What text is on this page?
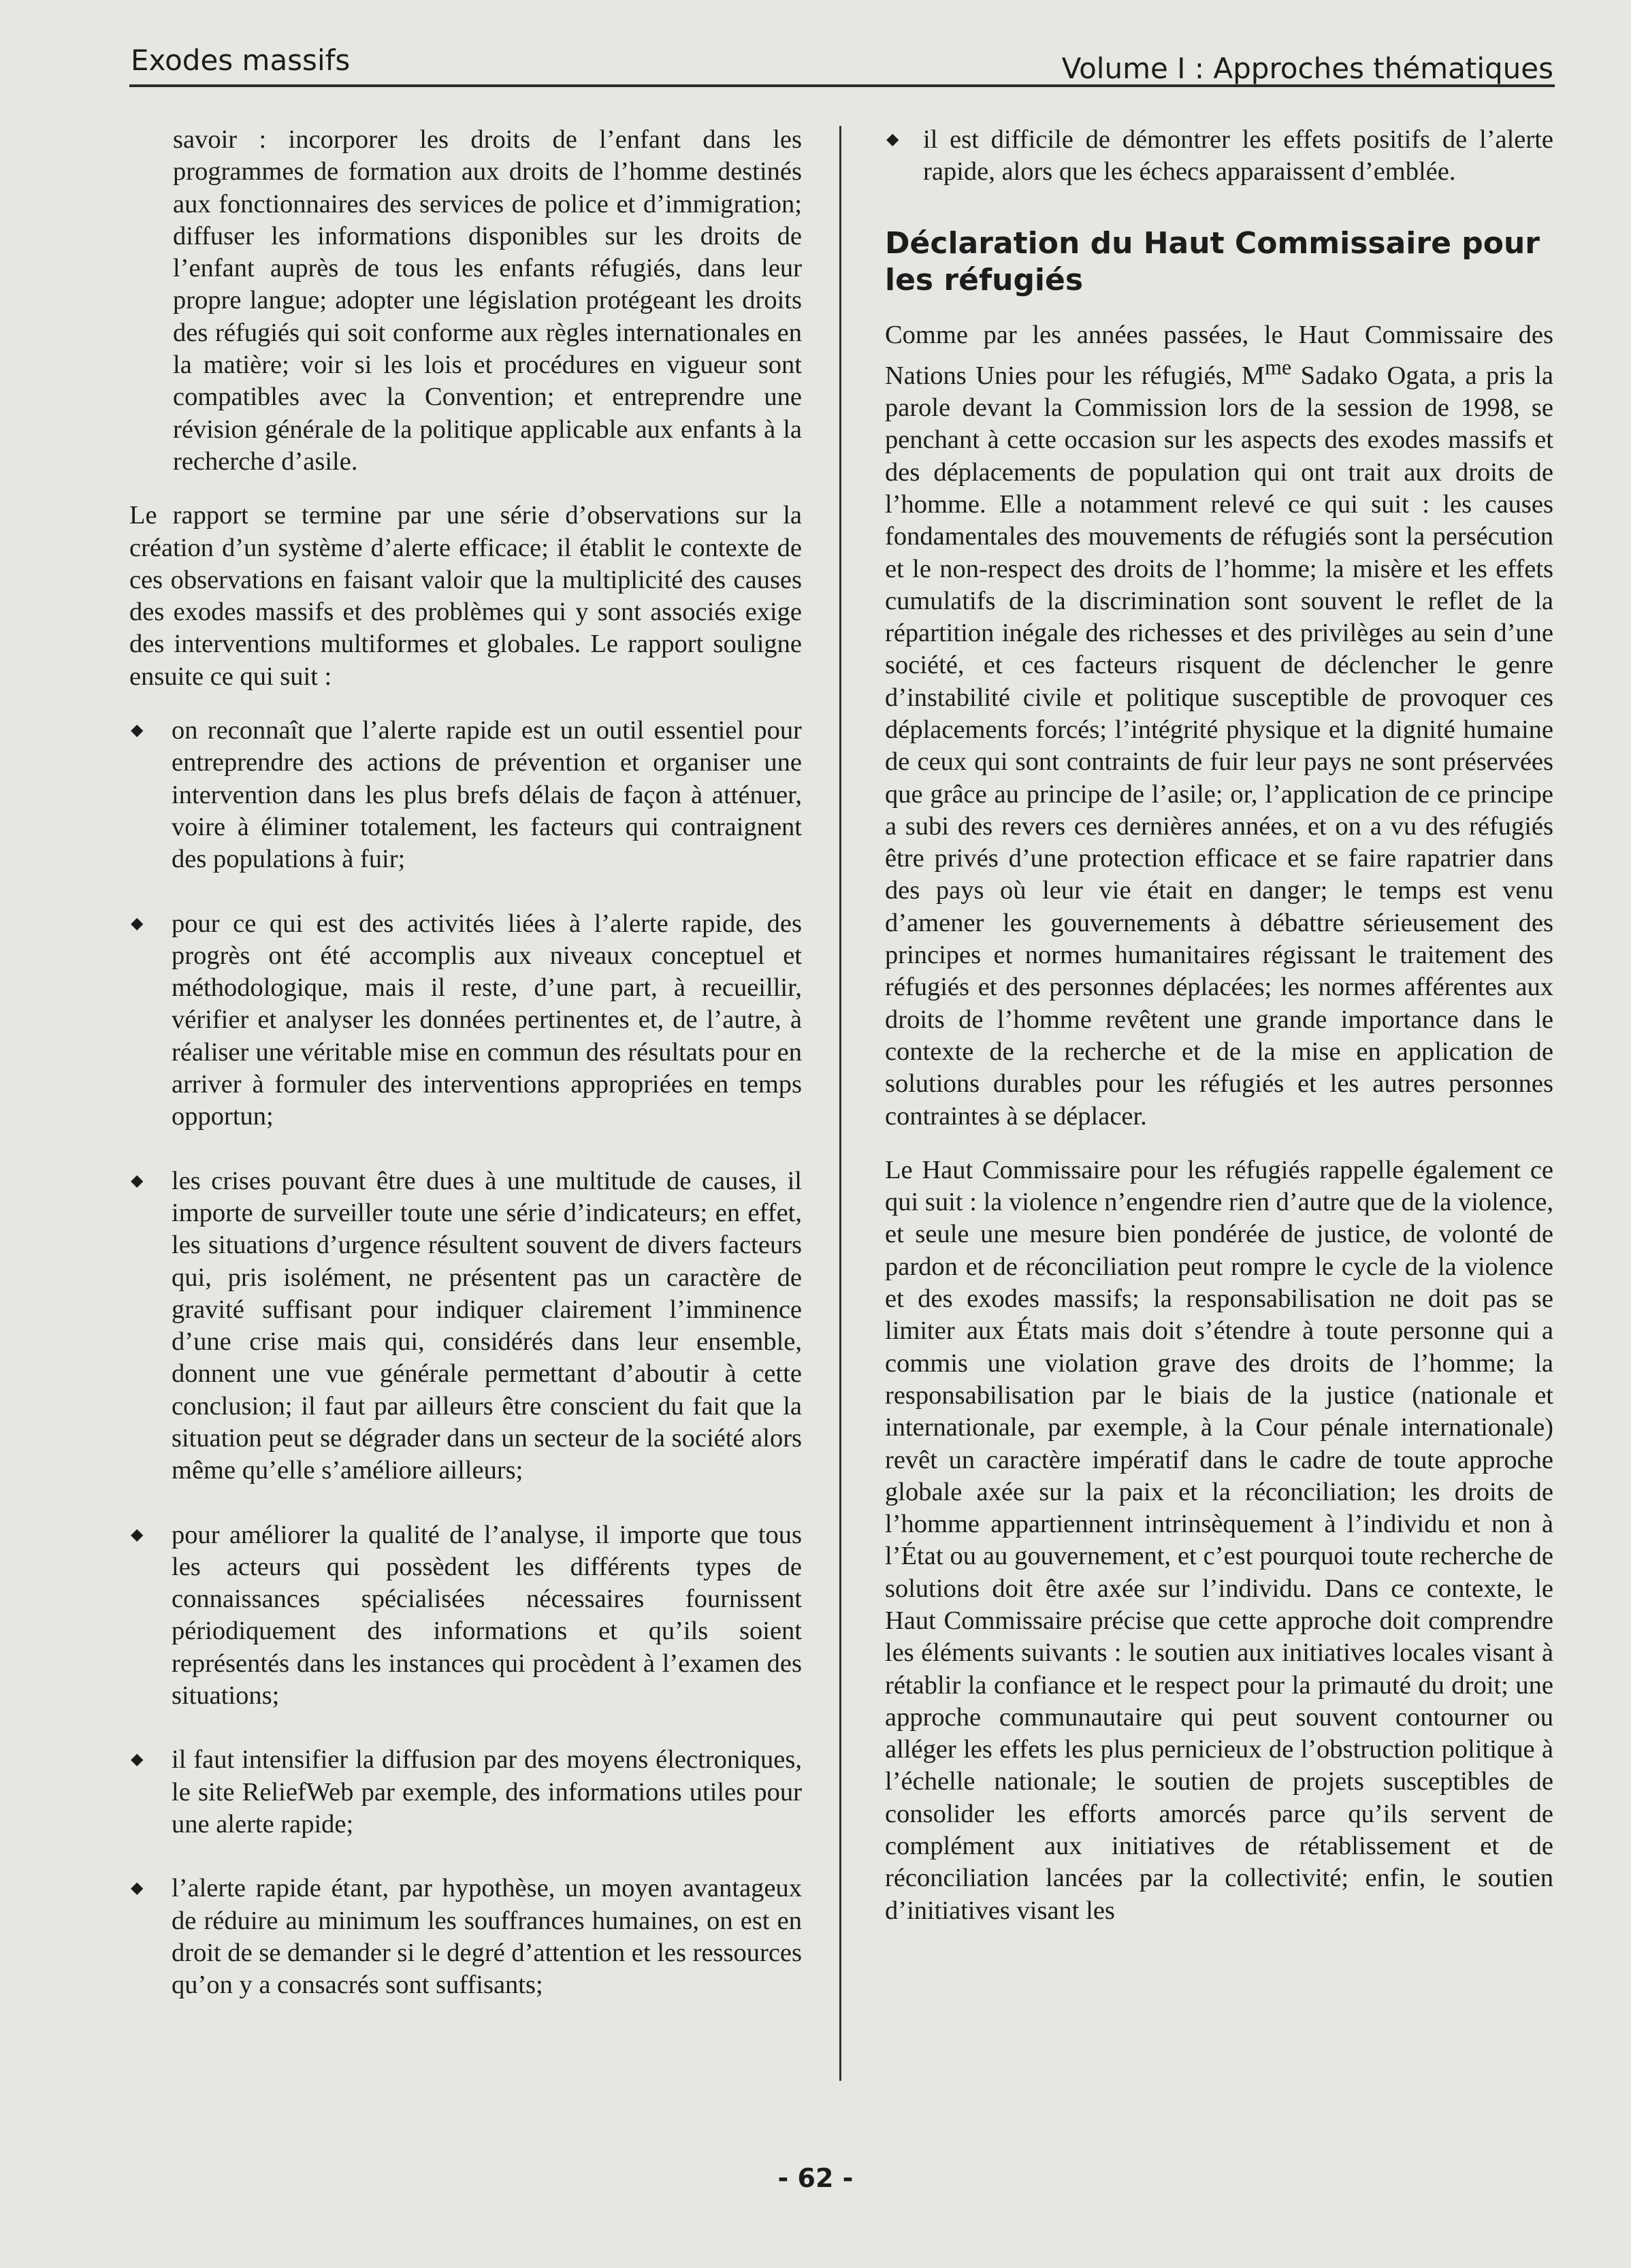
Exodes massifs	Volume I : Approches thématiques

savoir : incorporer les droits de l’enfant dans les programmes de formation aux droits de l’homme destinés aux fonctionnaires des services de police et d’immigration; diffuser les informations disponibles sur les droits de l’enfant auprès de tous les enfants réfugiés, dans leur propre langue; adopter une législation protégeant les droits des réfugiés qui soit conforme aux règles internationales en la matière; voir si les lois et procédures en vigueur sont compatibles avec la Convention; et entreprendre une révision générale de la politique applicable aux enfants à la recherche d’asile.

Le rapport se termine par une série d’observations sur la création d’un système d’alerte efficace; il établit le contexte de ces observations en faisant valoir que la multiplicité des causes des exodes massifs et des problèmes qui y sont associés exige des interventions multiformes et globales. Le rapport souligne ensuite ce qui suit :

◆ on reconnaît que l’alerte rapide est un outil essentiel pour entreprendre des actions de prévention et organiser une intervention dans les plus brefs délais de façon à atténuer, voire à éliminer totalement, les facteurs qui contraignent des populations à fuir;
◆ pour ce qui est des activités liées à l’alerte rapide, des progrès ont été accomplis aux niveaux conceptuel et méthodologique, mais il reste, d’une part, à recueillir, vérifier et analyser les données pertinentes et, de l’autre, à réaliser une véritable mise en commun des résultats pour en arriver à formuler des interventions appropriées en temps opportun;
◆ les crises pouvant être dues à une multitude de causes, il importe de surveiller toute une série d’indicateurs; en effet, les situations d’urgence résultent souvent de divers facteurs qui, pris isolément, ne présentent pas un caractère de gravité suffisant pour indiquer clairement l’imminence d’une crise mais qui, considérés dans leur ensemble, donnent une vue générale permettant d’aboutir à cette conclusion; il faut par ailleurs être conscient du fait que la situation peut se dégrader dans un secteur de la société alors même qu’elle s’améliore ailleurs;
◆ pour améliorer la qualité de l’analyse, il importe que tous les acteurs qui possèdent les différents types de connaissances spécialisées nécessaires fournissent périodiquement des informations et qu’ils soient représentés dans les instances qui procèdent à l’examen des situations;
◆ il faut intensifier la diffusion par des moyens électroniques, le site ReliefWeb par exemple, des informations utiles pour une alerte rapide;
◆ l’alerte rapide étant, par hypothèse, un moyen avantageux de réduire au minimum les souffrances humaines, on est en droit de se demander si le degré d’attention et les ressources qu’on y a consacrés sont suffisants;
◆ il est difficile de démontrer les effets positifs de l’alerte rapide, alors que les échecs apparaissent d’emblée.
Déclaration du Haut Commissaire pour les réfugiés

Comme par les années passées, le Haut Commissaire des Nations Unies pour les réfugiés, $M^{me}$ Sadako Ogata, a pris la parole devant la Commission lors de la session de 1998, se penchant à cette occasion sur les aspects des exodes massifs et des déplacements de population qui ont trait aux droits de l’homme. Elle a notamment relevé ce qui suit : les causes fondamentales des mouvements de réfugiés sont la persécution et le non-respect des droits de l’homme; la misère et les effets cumulatifs de la discrimination sont souvent le reflet de la répartition inégale des richesses et des privilèges au sein d’une société, et ces facteurs risquent de déclencher le genre d’instabilité civile et politique susceptible de provoquer ces déplacements forcés; l’intégrité physique et la dignité humaine de ceux qui sont contraints de fuir leur pays ne sont préservées que grâce au principe de l’asile; or, l’application de ce principe a subi des revers ces dernières années, et on a vu des réfugiés être privés d’une protection efficace et se faire rapatrier dans des pays où leur vie était en danger; le temps est venu d’amener les gouvernements à débattre sérieusement des principes et normes humanitaires régissant le traitement des réfugiés et des personnes déplacées; les normes afférentes aux droits de l’homme revêtent une grande importance dans le contexte de la recherche et de la mise en application de solutions durables pour les réfugiés et les autres personnes contraintes à se déplacer.

Le Haut Commissaire pour les réfugiés rappelle également ce qui suit : la violence n’engendre rien d’autre que de la violence, et seule une mesure bien pondérée de justice, de volonté de pardon et de réconciliation peut rompre le cycle de la violence et des exodes massifs; la responsabilisation ne doit pas se limiter aux États mais doit s’étendre à toute personne qui a commis une violation grave des droits de l’homme; la responsabilisation par le biais de la justice (nationale et internationale, par exemple, à la Cour pénale internationale) revêt un caractère impératif dans le cadre de toute approche globale axée sur la paix et la réconciliation; les droits de l’homme appartiennent intrinsèquement à l’individu et non à l’État ou au gouvernement, et c’est pourquoi toute recherche de solutions doit être axée sur l’individu. Dans ce contexte, le Haut Commissaire précise que cette approche doit comprendre les éléments suivants : le soutien aux initiatives locales visant à rétablir la confiance et le respect pour la primauté du droit; une approche communautaire qui peut souvent contourner ou alléger les effets les plus pernicieux de l’obstruction politique à l’échelle nationale; le soutien de projets susceptibles de consolider les efforts amorcés parce qu’ils servent de complément aux initiatives de rétablissement et de réconciliation lancées par la collectivité; enfin, le soutien d’initiatives visant les

- 62 -
